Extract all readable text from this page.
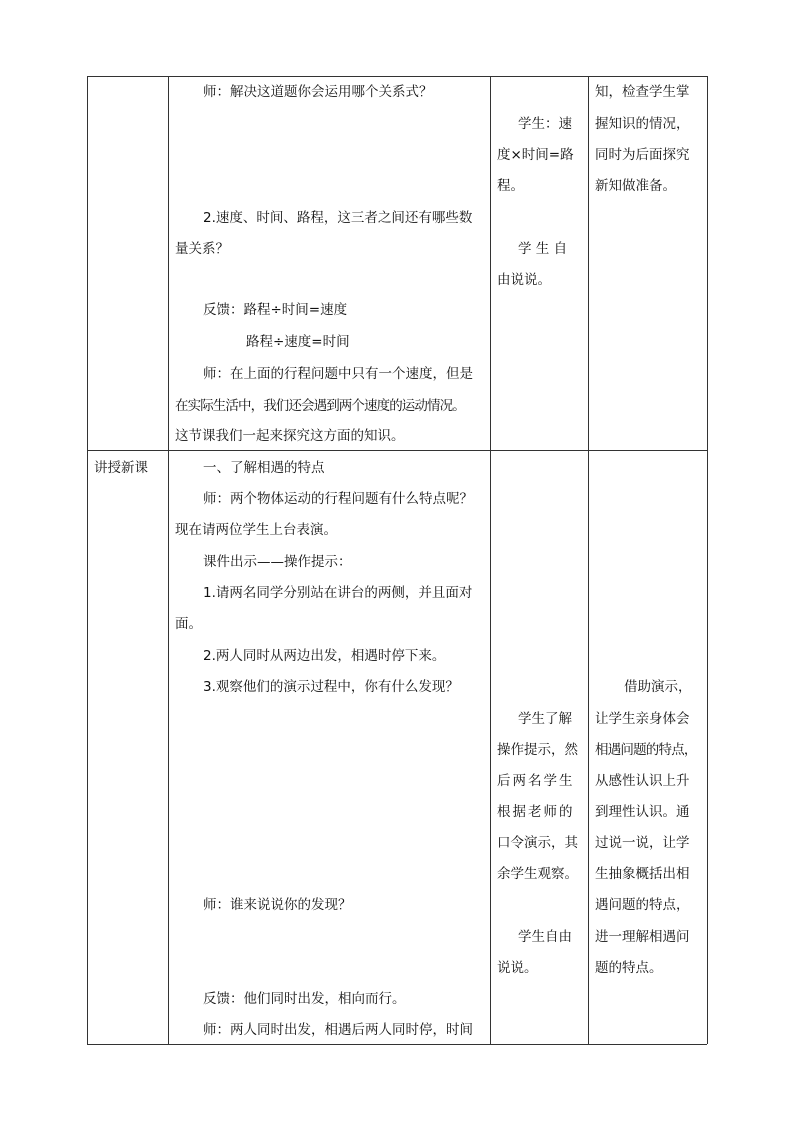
师：解决这道题你会运用哪个关系式？
2.速度、时间、路程，这三者之间还有哪些数
量关系？
反馈：路程÷时间=速度
路程÷速度=时间
师：在上面的行程问题中只有一个速度，但是
在实际生活中，我们还会遇到两个速度的运动情况。
这节课我们一起来探究这方面的知识。
学生：速
度×时间=路
程。
学 生 自
由说说。
知，检查学生掌
握知识的情况，
同时为后面探究
新知做准备。
讲授新课	一、了解相遇的特点
师：两个物体运动的行程问题有什么特点呢？
现在请两位学生上台表演。
课件出示——操作提示：
1.请两名同学分别站在讲台的两侧，并且面对
面。
2.两人同时从两边出发，相遇时停下来。
3.观察他们的演示过程中，你有什么发现？
师：谁来说说你的发现？
反馈：他们同时出发，相向而行。
师：两人同时出发，相遇后两人同时停，时间
学生了解
操作提示，然
后两名学生
根据老师的
口令演示，其
余学生观察。
学生自由
说说。
借助演示，
让学生亲身体会
相遇问题的特点，
从感性认识上升
到理性认识。通
过说一说，让学
生抽象概括出相
遇问题的特点，
进一理解相遇问
题的特点。
